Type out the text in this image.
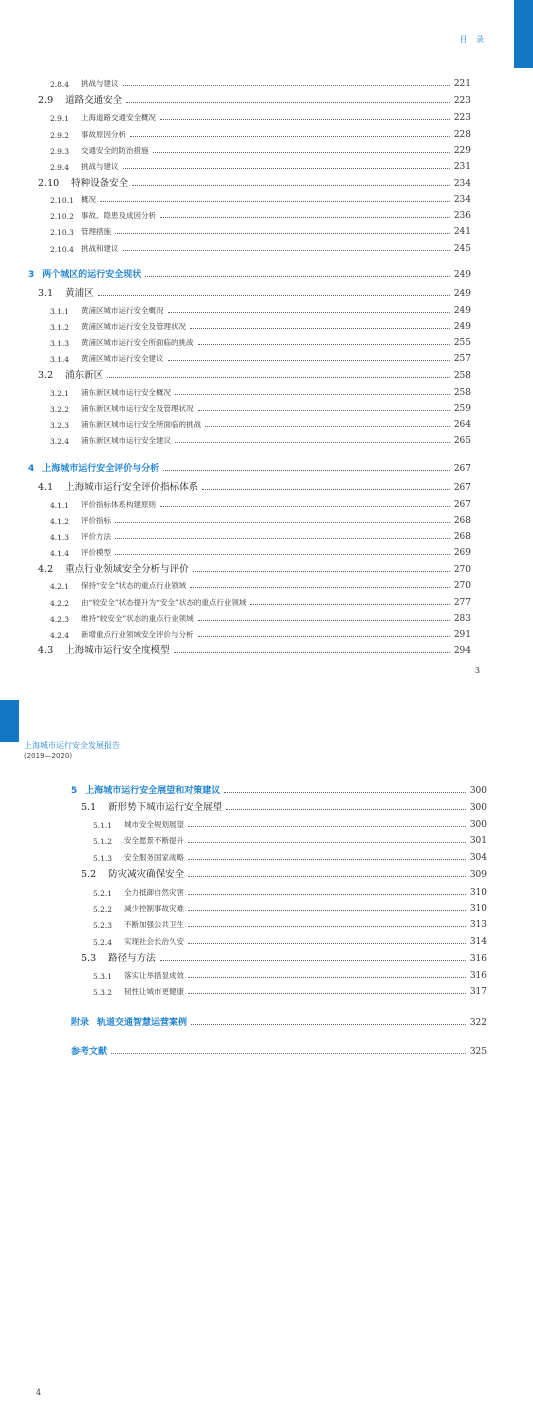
目 录
2.8.4	挑战与建议	221
2.9 道路交通安全	223
2.9.1	上海道路交通安全概况	223
2.9.2	事故原因分析	228
2.9.3	交通安全的防治措施	229
2.9.4	挑战与建议	231
2.10 特种设备安全	234
2.10.1 概况	234
2.10.2 事故、隐患及成因分析	236
2.10.3 管理措施	241
2.10.4 挑战和建议	245
3 两个城区的运行安全现状	249
3.1 黄浦区	249
3.1.1	黄浦区城市运行安全概况	249
3.1.2	黄浦区城市运行安全及管理状况	249
3.1.3	黄浦区城市运行安全所面临的挑战	255
3.1.4	黄浦区城市运行安全建议	257
3.2 浦东新区	258
3.2.1	浦东新区城市运行安全概况	258
3.2.2	浦东新区城市运行安全及管理状况	259
3.2.3	浦东新区城市运行安全所面临的挑战	264
3.2.4	浦东新区城市运行安全建议	265
4 上海城市运行安全评价与分析	267
4.1 上海城市运行安全评价指标体系	267
4.1.1	评价指标体系构建原则	267
4.1.2	评价指标	268
4.1.3	评价方法	268
4.1.4	评价模型	269
4.2 重点行业领域安全分析与评价	270
4.2.1	保持“安全”状态的重点行业领域	270
4.2.2	由“较安全”状态提升为“安全”状态的重点行业领域	277
4.2.3	维持“较安全”状态的重点行业领域	283
4.2.4	新增重点行业领域安全评价与分析	291
4.3 上海城市运行安全度模型	294
3
上海城市运行安全发展报告
(2019—2020)
5 上海城市运行安全展望和对策建议	300
5.1 新形势下城市运行安全展望	300
5.1.1	城市安全规划展望	300
5.1.2	安全愿景不断提升	301
5.1.3	安全服务国家战略	304
5.2 防灾减灾确保安全	309
5.2.1	全力抵御自然灾害	310
5.2.2	减少控制事故灾难	310
5.2.3	不断加强公共卫生	313
5.2.4	实现社会长治久安	314
5.3 路径与方法	316
5.3.1	落实让举措显成效	316
5.3.2	韧性让城市更健康	317
附录 轨道交通智慧运营案例	322
参考文献	325
4
